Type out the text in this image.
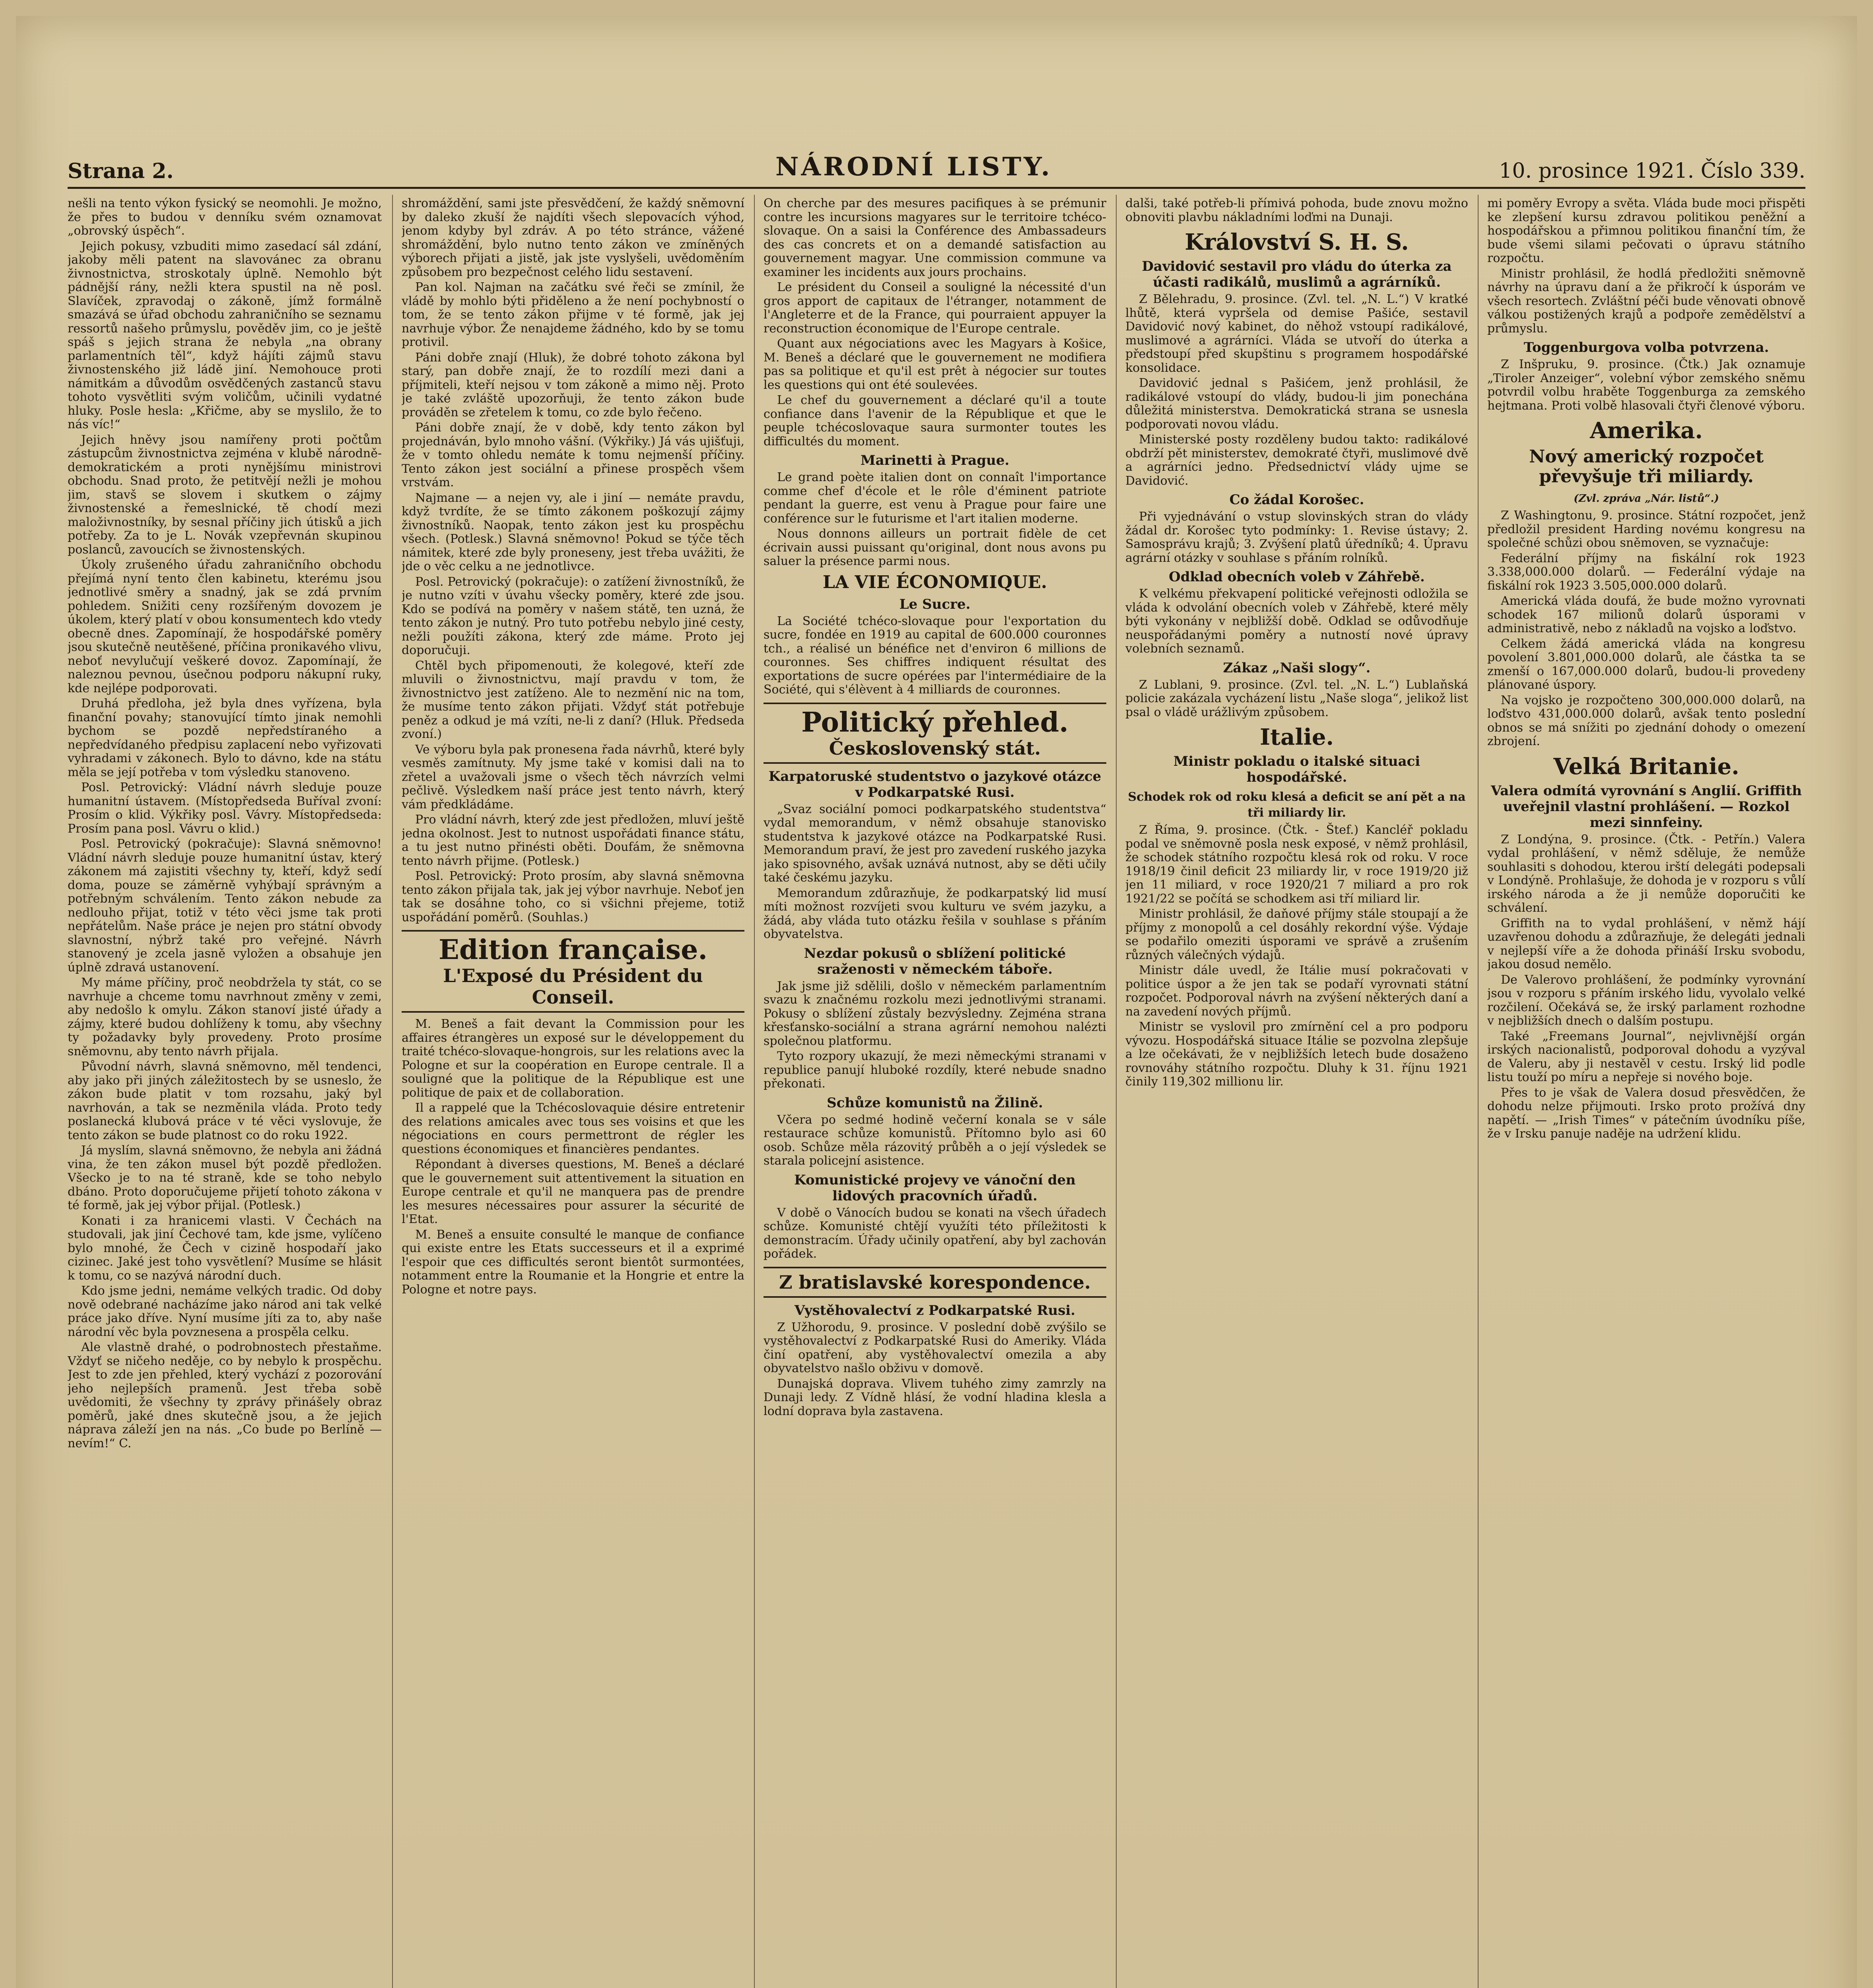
Strana 2.	NÁRODNÍ LISTY.	10. prosince 1921. Číslo 339.

nešli na tento výkon fysický se neomohli. Je možno, že přes to budou v denníku svém oznamovat „obrovský úspěch“.

Jejich pokusy, vzbuditi mimo zasedací sál zdání, jakoby měli patent na slavovánec za obranu živnostnictva, stroskotaly úplně. Nemohlo být pádnější rány, nežli ktera spustil na ně posl. Slavíček, zpravodaj o zákoně, jímž formálně smazává se úřad obchodu zahraničního se seznamu ressortů našeho průmyslu, pověděv jim, co je ještě spáš s jejich strana že nebyla „na obrany parlamentních těl“, když hájíti zájmů stavu živnostenského již ládě jiní. Nemohouce proti námitkám a důvodům osvědčených zastanců stavu tohoto vysvětliti svým voličům, učinili vydatné hluky. Posle hesla: „Křičme, aby se myslilo, že to nás víc!“

Jejich hněvy jsou namířeny proti počtům zástupcům živnostnictva zejména v klubě národně-demokratickém a proti nynějšímu ministrovi obchodu. Snad proto, že petitvějí nežli je mohou jim, stavš se slovem i skutkem o zájmy živnostenské a řemeslnické, tě chodí mezi maloživnostníky, by sesnal příčiny jich útisků a jich potřeby. Za to je L. Novák vzepřevnán skupinou poslanců, zavoucích se živnostenských.

Úkoly zrušeného úřadu zahraničního obchodu přejímá nyní tento člen kabinetu, kterému jsou jednotlivé směry a snadný, jak se zdá prvním pohledem. Snižiti ceny rozšířeným dovozem je úkolem, který platí v obou konsumentech kdo vtedy obecně dnes. Zapomínají, že hospodářské poměry jsou skutečně neutěšené, příčina pronikavého vlivu, neboť nevylučují veškeré dovoz. Zapomínají, že naleznou pevnou, úsečnou podporu nákupní ruky, kde nejlépe podporovati.

Druhá předloha, jež byla dnes vyřízena, byla finanční povahy; stanovující tímto jinak nemohli bychom se pozdě nepředstíraného a nepředvídaného předpisu zaplacení nebo vyřizovati vyhradami v zákonech. Bylo to dávno, kde na státu měla se její potřeba v tom výsledku stanoveno.

Posl. Petrovický: Vládní návrh sleduje pouze humanitní ústavem. (Místopředseda Buříval zvoní: Prosím o klid. Výkřiky posl. Vávry. Místopředseda: Prosím pana posl. Vávru o klid.)

Posl. Petrovický (pokračuje): Slavná sněmovno! Vládní návrh sleduje pouze humanitní ústav, který zákonem má zajistiti všechny ty, kteří, když sedí doma, pouze se záměrně vyhýbají správným a potřebným schválením. Tento zákon nebude za nedlouho přijat, totiž v této věci jsme tak proti nepřátelům. Naše práce je nejen pro státní obvody slavnostní, nýbrž také pro veřejné. Návrh stanovený je zcela jasně vyložen a obsahuje jen úplně zdravá ustanovení.

My máme příčiny, proč neobdržela ty stát, co se navrhuje a chceme tomu navrhnout změny v zemi, aby nedošlo k omylu. Zákon stanoví jisté úřady a zájmy, které budou dohlíženy k tomu, aby všechny ty požadavky byly provedeny. Proto prosíme sněmovnu, aby tento návrh přijala.

Původní návrh, slavná sněmovno, měl tendenci, aby jako při jiných záležitostech by se usneslo, že zákon bude platit v tom rozsahu, jaký byl navrhován, a tak se nezměnila vláda. Proto tedy poslanecká klubová práce v té věci vyslovuje, že tento zákon se bude platnost co do roku 1922.

Já myslím, slavná sněmovno, že nebyla ani žádná vina, že ten zákon musel být pozdě předložen. Všecko je to na té straně, kde se toho nebylo dbáno. Proto doporučujeme přijetí tohoto zákona v té formě, jak jej výbor přijal. (Potlesk.)

Konati i za hranicemi vlasti. V Čechách na studovali, jak jiní Čechové tam, kde jsme, vylíčeno bylo mnohé, že Čech v cizině hospodaří jako cizinec. Jaké jest toho vysvětlení? Musíme se hlásit k tomu, co se nazývá národní duch.

Kdo jsme jedni, nemáme velkých tradic. Od doby nově odebrané nacházíme jako národ ani tak velké práce jako dříve. Nyní musíme jíti za to, aby naše národní věc byla povznesena a prospěla celku.

Ale vlastně drahé, o podrobnostech přestaňme. Vždyť se ničeho neděje, co by nebylo k prospěchu. Jest to zde jen přehled, který vychází z pozorování jeho nejlepších pramenů. Jest třeba sobě uvědomiti, že všechny ty zprávy přinášely obraz poměrů, jaké dnes skutečně jsou, a že jejich náprava záleží jen na nás. „Co bude po Berlíně — nevím!“ C.

shromáždění, sami jste přesvědčení, že každý sněmovní by daleko zkuší že najdíti všech slepovacích výhod, jenom kdyby byl zdráv. A po této stránce, vážené shromáždění, bylo nutno tento zákon ve zmíněných výborech přijati a jistě, jak jste vyslyšeli, uvědoměním způsobem pro bezpečnost celého lidu sestavení.

Pan kol. Najman na začátku své řeči se zmínil, že vládě by mohlo býti přiděleno a že není pochybností o tom, že se tento zákon přijme v té formě, jak jej navrhuje výbor. Že nenajdeme žádného, kdo by se tomu protivil.

Páni dobře znají (Hluk), že dobré tohoto zákona byl starý, pan dobře znají, že to rozdílí mezi dani a příjmiteli, kteří nejsou v tom zákoně a mimo něj. Proto je také zvláště upozorňuji, že tento zákon bude prováděn se zřetelem k tomu, co zde bylo řečeno.

Páni dobře znají, že v době, kdy tento zákon byl projednáván, bylo mnoho vášní. (Výkřiky.) Já vás ujišťuji, že v tomto ohledu nemáte k tomu nejmenší příčiny. Tento zákon jest sociální a přinese prospěch všem vrstvám.

Najmane — a nejen vy, ale i jiní — nemáte pravdu, když tvrdíte, že se tímto zákonem poškozují zájmy živnostníků. Naopak, tento zákon jest ku prospěchu všech. (Potlesk.) Slavná sněmovno! Pokud se týče těch námitek, které zde byly proneseny, jest třeba uvážiti, že jde o věc celku a ne jednotlivce.

Posl. Petrovický (pokračuje): o zatížení živnostníků, že je nutno vzíti v úvahu všecky poměry, které zde jsou. Kdo se podívá na poměry v našem státě, ten uzná, že tento zákon je nutný. Pro tuto potřebu nebylo jiné cesty, nežli použíti zákona, který zde máme. Proto jej doporučuji.

Chtěl bych připomenouti, že kolegové, kteří zde mluvili o živnostnictvu, mají pravdu v tom, že živnostnictvo jest zatíženo. Ale to nezmění nic na tom, že musíme tento zákon přijati. Vždyť stát potřebuje peněz a odkud je má vzíti, ne-li z daní? (Hluk. Předseda zvoní.)

Ve výboru byla pak pronesena řada návrhů, které byly vesměs zamítnuty. My jsme také v komisi dali na to zřetel a uvažovali jsme o všech těch návrzích velmi pečlivě. Výsledkem naší práce jest tento návrh, který vám předkládáme.

Pro vládní návrh, který zde jest předložen, mluví ještě jedna okolnost. Jest to nutnost uspořádati finance státu, a tu jest nutno přinésti oběti. Doufám, že sněmovna tento návrh přijme. (Potlesk.)

Posl. Petrovický: Proto prosím, aby slavná sněmovna tento zákon přijala tak, jak jej výbor navrhuje. Neboť jen tak se dosáhne toho, co si všichni přejeme, totiž uspořádání poměrů. (Souhlas.)

Edition française.
L'Exposé du Président du Conseil.

M. Beneš a fait devant la Commission pour les affaires étrangères un exposé sur le développement du traité tchéco-slovaque-hongrois, sur les relations avec la Pologne et sur la coopération en Europe centrale. Il a souligné que la politique de la République est une politique de paix et de collaboration.

Il a rappelé que la Tchécoslovaquie désire entretenir des relations amicales avec tous ses voisins et que les négociations en cours permettront de régler les questions économiques et financières pendantes.

Répondant à diverses questions, M. Beneš a déclaré que le gouvernement suit attentivement la situation en Europe centrale et qu'il ne manquera pas de prendre les mesures nécessaires pour assurer la sécurité de l'Etat.

M. Beneš a ensuite consulté le manque de confiance qui existe entre les Etats successeurs et il a exprimé l'espoir que ces difficultés seront bientôt surmontées, notamment entre la Roumanie et la Hongrie et entre la Pologne et notre pays.

On cherche par des mesures pacifiques à se prémunir contre les incursions magyares sur le territoire tchéco-slovaque. On a saisi la Conférence des Ambassadeurs des cas concrets et on a demandé satisfaction au gouvernement magyar. Une commission commune va examiner les incidents aux jours prochains.

Le président du Conseil a souligné la nécessité d'un gros apport de capitaux de l'étranger, notamment de l'Angleterre et de la France, qui pourraient appuyer la reconstruction économique de l'Europe centrale.

Quant aux négociations avec les Magyars à Košice, M. Beneš a déclaré que le gouvernement ne modifiera pas sa politique et qu'il est prêt à négocier sur toutes les questions qui ont été soulevées.

Le chef du gouvernement a déclaré qu'il a toute confiance dans l'avenir de la République et que le peuple tchécoslovaque saura surmonter toutes les difficultés du moment.

Marinetti à Prague.

Le grand poète italien dont on connaît l'importance comme chef d'école et le rôle d'éminent patriote pendant la guerre, est venu à Prague pour faire une conférence sur le futurisme et l'art italien moderne.

Nous donnons ailleurs un portrait fidèle de cet écrivain aussi puissant qu'original, dont nous avons pu saluer la présence parmi nous.

LA VIE ÉCONOMIQUE.
Le Sucre.

La Société tchéco-slovaque pour l'exportation du sucre, fondée en 1919 au capital de 600.000 couronnes tch., a réalisé un bénéfice net d'environ 6 millions de couronnes. Ses chiffres indiquent résultat des exportations de sucre opérées par l'intermédiaire de la Société, qui s'élèvent à 4 milliards de couronnes.

Politický přehled.
Československý stát.
Karpatoruské studentstvo o jazykové otázce v Podkarpatské Rusi.

„Svaz sociální pomoci podkarpatského studentstva“ vydal memorandum, v němž obsahuje stanovisko studentstva k jazykové otázce na Podkarpatské Rusi. Memorandum praví, že jest pro zavedení ruského jazyka jako spisovného, avšak uznává nutnost, aby se děti učily také českému jazyku.

Memorandum zdůrazňuje, že podkarpatský lid musí míti možnost rozvíjeti svou kulturu ve svém jazyku, a žádá, aby vláda tuto otázku řešila v souhlase s přáním obyvatelstva.

Nezdar pokusů o sblížení politické sraženosti v německém táboře.

Jak jsme již sdělili, došlo v německém parlamentním svazu k značnému rozkolu mezi jednotlivými stranami. Pokusy o sblížení zůstaly bezvýsledny. Zejména strana křesťansko-sociální a strana agrární nemohou nalézti společnou platformu.

Tyto rozpory ukazují, že mezi německými stranami v republice panují hluboké rozdíly, které nebude snadno překonati.

Schůze komunistů na Žilině.

Včera po sedmé hodině večerní konala se v sále restaurace schůze komunistů. Přítomno bylo asi 60 osob. Schůze měla rázovitý průběh a o její výsledek se starala policejní asistence.

Komunistické projevy ve vánoční den lidových pracovních úřadů.

V době o Vánocích budou se konati na všech úřadech schůze. Komunisté chtějí využíti této příležitosti k demonstracím. Úřady učinily opatření, aby byl zachován pořádek.

Z bratislavské korespondence.
Vystěhovalectví z Podkarpatské Rusi.

Z Užhorodu, 9. prosince. V poslední době zvýšilo se vystěhovalectví z Podkarpatské Rusi do Ameriky. Vláda činí opatření, aby vystěhovalectví omezila a aby obyvatelstvo našlo obživu v domově.

Dunajská doprava. Vlivem tuhého zimy zamrzly na Dunaji ledy. Z Vídně hlásí, že vodní hladina klesla a lodní doprava byla zastavena.

dalši, také potřeb-li přímivá pohoda, bude znovu možno obnoviti plavbu nákladními loďmi na Dunaji.

Království S. H. S.
Davidović sestavil pro vládu do úterka za účasti radikálů, muslimů a agrárníků.

Z Bělehradu, 9. prosince. (Zvl. tel. „N. L.“) V kratké lhůtě, která vypršela od demise Pašiće, sestavil Davidović nový kabinet, do něhož vstoupí radikálové, muslimové a agrárníci. Vláda se utvoří do úterka a předstoupí před skupštinu s programem hospodářské konsolidace.

Davidović jednal s Pašićem, jenž prohlásil, že radikálové vstoupí do vlády, budou-li jim ponechána důležitá ministerstva. Demokratická strana se usnesla podporovati novou vládu.

Ministerské posty rozděleny budou takto: radikálové obdrží pět ministerstev, demokraté čtyři, muslimové dvě a agrárníci jedno. Předsednictví vlády ujme se Davidović.

Co žádal Korošec.

Při vyjednávání o vstup slovinských stran do vlády žádal dr. Korošec tyto podmínky: 1. Revise ústavy; 2. Samosprávu krajů; 3. Zvýšení platů úředníků; 4. Úpravu agrární otázky v souhlase s přáním rolníků.

Odklad obecních voleb v Záhřebě.

K velkému překvapení politické veřejnosti odložila se vláda k odvolání obecních voleb v Záhřebě, které měly býti vykonány v nejbližší době. Odklad se odůvodňuje neuspořádanými poměry a nutností nové úpravy volebních seznamů.

Zákaz „Naši slogy“.

Z Lublani, 9. prosince. (Zvl. tel. „N. L.“) Lublaňská policie zakázala vycházení listu „Naše sloga“, jelikož list psal o vládě urážlivým způsobem.

Italie.
Ministr pokladu o italské situaci hospodářské.
Schodek rok od roku klesá a deficit se aní pět a na tři miliardy lir.

Z Říma, 9. prosince. (Čtk. - Štef.) Kancléř pokladu podal ve sněmovně posla nesk exposé, v němž prohlásil, že schodek státního rozpočtu klesá rok od roku. V roce 1918/19 činil deficit 23 miliardy lir, v roce 1919/20 již jen 11 miliard, v roce 1920/21 7 miliard a pro rok 1921/22 se počítá se schodkem asi tří miliard lir.

Ministr prohlásil, že daňové příjmy stále stoupají a že příjmy z monopolů a cel dosáhly rekordní výše. Výdaje se podařilo omeziti úsporami ve správě a zrušením různých válečných výdajů.

Ministr dále uvedl, že Itálie musí pokračovati v politice úspor a že jen tak se podaří vyrovnati státní rozpočet. Podporoval návrh na zvýšení některých daní a na zavedení nových příjmů.

Ministr se vyslovil pro zmírnění cel a pro podporu vývozu. Hospodářská situace Itálie se pozvolna zlepšuje a lze očekávati, že v nejbližších letech bude dosaženo rovnováhy státního rozpočtu. Dluhy k 31. říjnu 1921 činily 119,302 millionu lir.

mi poměry Evropy a světa. Vláda bude moci přispěti ke zlepšení kursu zdravou politikou peněžní a hospodářskou a přimnou politikou finanční tím, že bude všemi silami pečovati o úpravu státního rozpočtu.

Ministr prohlásil, že hodlá předložiti sněmovně návrhy na úpravu daní a že přikročí k úsporám ve všech resortech. Zvláštní péči bude věnovati obnově válkou postižených krajů a podpoře zemědělství a průmyslu.

Toggenburgova volba potvrzena.

Z Inšpruku, 9. prosince. (Čtk.) Jak oznamuje „Tiroler Anzeiger“, volební výbor zemského sněmu potvrdil volbu hraběte Toggenburga za zemského hejtmana. Proti volbě hlasovali čtyři členové výboru.

Amerika.
Nový americký rozpočet převyšuje tři miliardy.
(Zvl. zpráva „Nár. listů“.)

Z Washingtonu, 9. prosince. Státní rozpočet, jenž předložil president Harding novému kongresu na společné schůzi obou sněmoven, se vyznačuje:

Federální příjmy na fiskální rok 1923 3.338,000.000 dolarů. — Federální výdaje na fiskální rok 1923 3.505,000.000 dolarů.

Americká vláda doufá, že bude možno vyrovnati schodek 167 milionů dolarů úsporami v administrativě, nebo z nákladů na vojsko a loďstvo.

Celkem žádá americká vláda na kongresu povolení 3.801,000.000 dolarů, ale částka ta se zmenší o 167,000.000 dolarů, budou-li provedeny plánované úspory.

Na vojsko je rozpočteno 300,000.000 dolarů, na loďstvo 431,000.000 dolarů, avšak tento poslední obnos se má snížiti po zjednání dohody o omezení zbrojení.

Velká Britanie.
Valera odmítá vyrovnání s Anglií. Griffith uveřejnil vlastní prohlášení. — Rozkol mezi sinnfeiny.

Z Londýna, 9. prosince. (Čtk. - Petřín.) Valera vydal prohlášení, v němž sděluje, že nemůže souhlasiti s dohodou, kterou irští delegáti podepsali v Londýně. Prohlašuje, že dohoda je v rozporu s vůlí irského národa a že ji nemůže doporučiti ke schválení.

Griffith na to vydal prohlášení, v němž hájí uzavřenou dohodu a zdůrazňuje, že delegáti jednali v nejlepší víře a že dohoda přináší Irsku svobodu, jakou dosud nemělo.

De Valerovo prohlášení, že podmínky vyrovnání jsou v rozporu s přáním irského lidu, vyvolalo velké rozčilení. Očekává se, že irský parlament rozhodne v nejbližších dnech o dalším postupu.

Také „Freemans Journal“, nejvlivnější orgán irských nacionalistů, podporoval dohodu a vyzýval de Valeru, aby ji nestavěl v cestu. Irský lid podle listu touží po míru a nepřeje si nového boje.

Přes to je však de Valera dosud přesvědčen, že dohodu nelze přijmouti. Irsko proto prožívá dny napětí. — „Irish Times“ v pátečním úvodníku píše, že v Irsku panuje naděje na udržení klidu.
